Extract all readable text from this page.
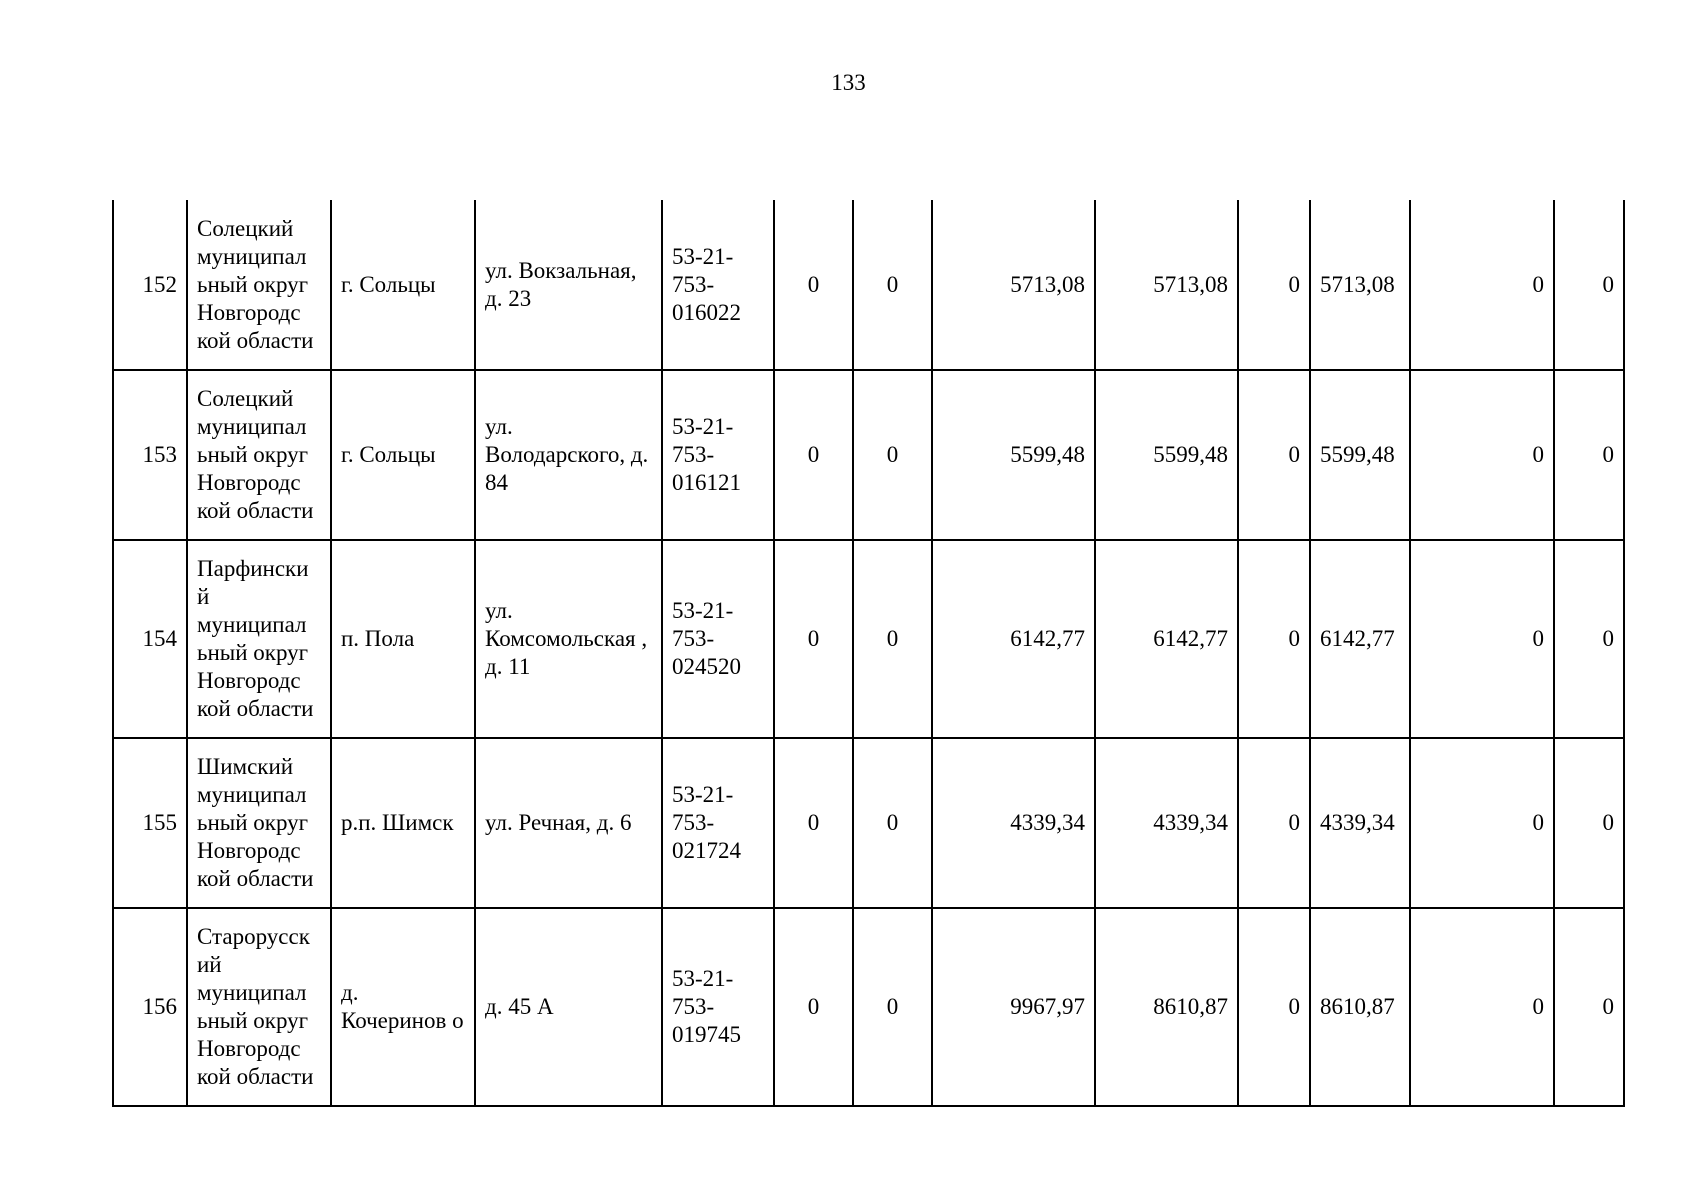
133
152	Солецкий муниципал ьный округ Новгородс кой области	г. Сольцы	ул. Вокзальная, д. 23	53-21- 753- 016022	0	0	5713,08	5713,08	0	5713,08	0	0
153	Солецкий муниципал ьный округ Новгородс кой области	г. Сольцы	ул. Володарского, д. 84	53-21- 753- 016121	0	0	5599,48	5599,48	0	5599,48	0	0
154	Парфински й муниципал ьный округ Новгородс кой области	п. Пола	ул. Комсомольская , д. 11	53-21- 753- 024520	0	0	6142,77	6142,77	0	6142,77	0	0
155	Шимский муниципал ьный округ Новгородс кой области	р.п. Шимск	ул. Речная, д. 6	53-21- 753- 021724	0	0	4339,34	4339,34	0	4339,34	0	0
156	Старорусск ий муниципал ьный округ Новгородс кой области	д. Кочеринов о	д. 45 А	53-21- 753- 019745	0	0	9967,97	8610,87	0	8610,87	0	0
